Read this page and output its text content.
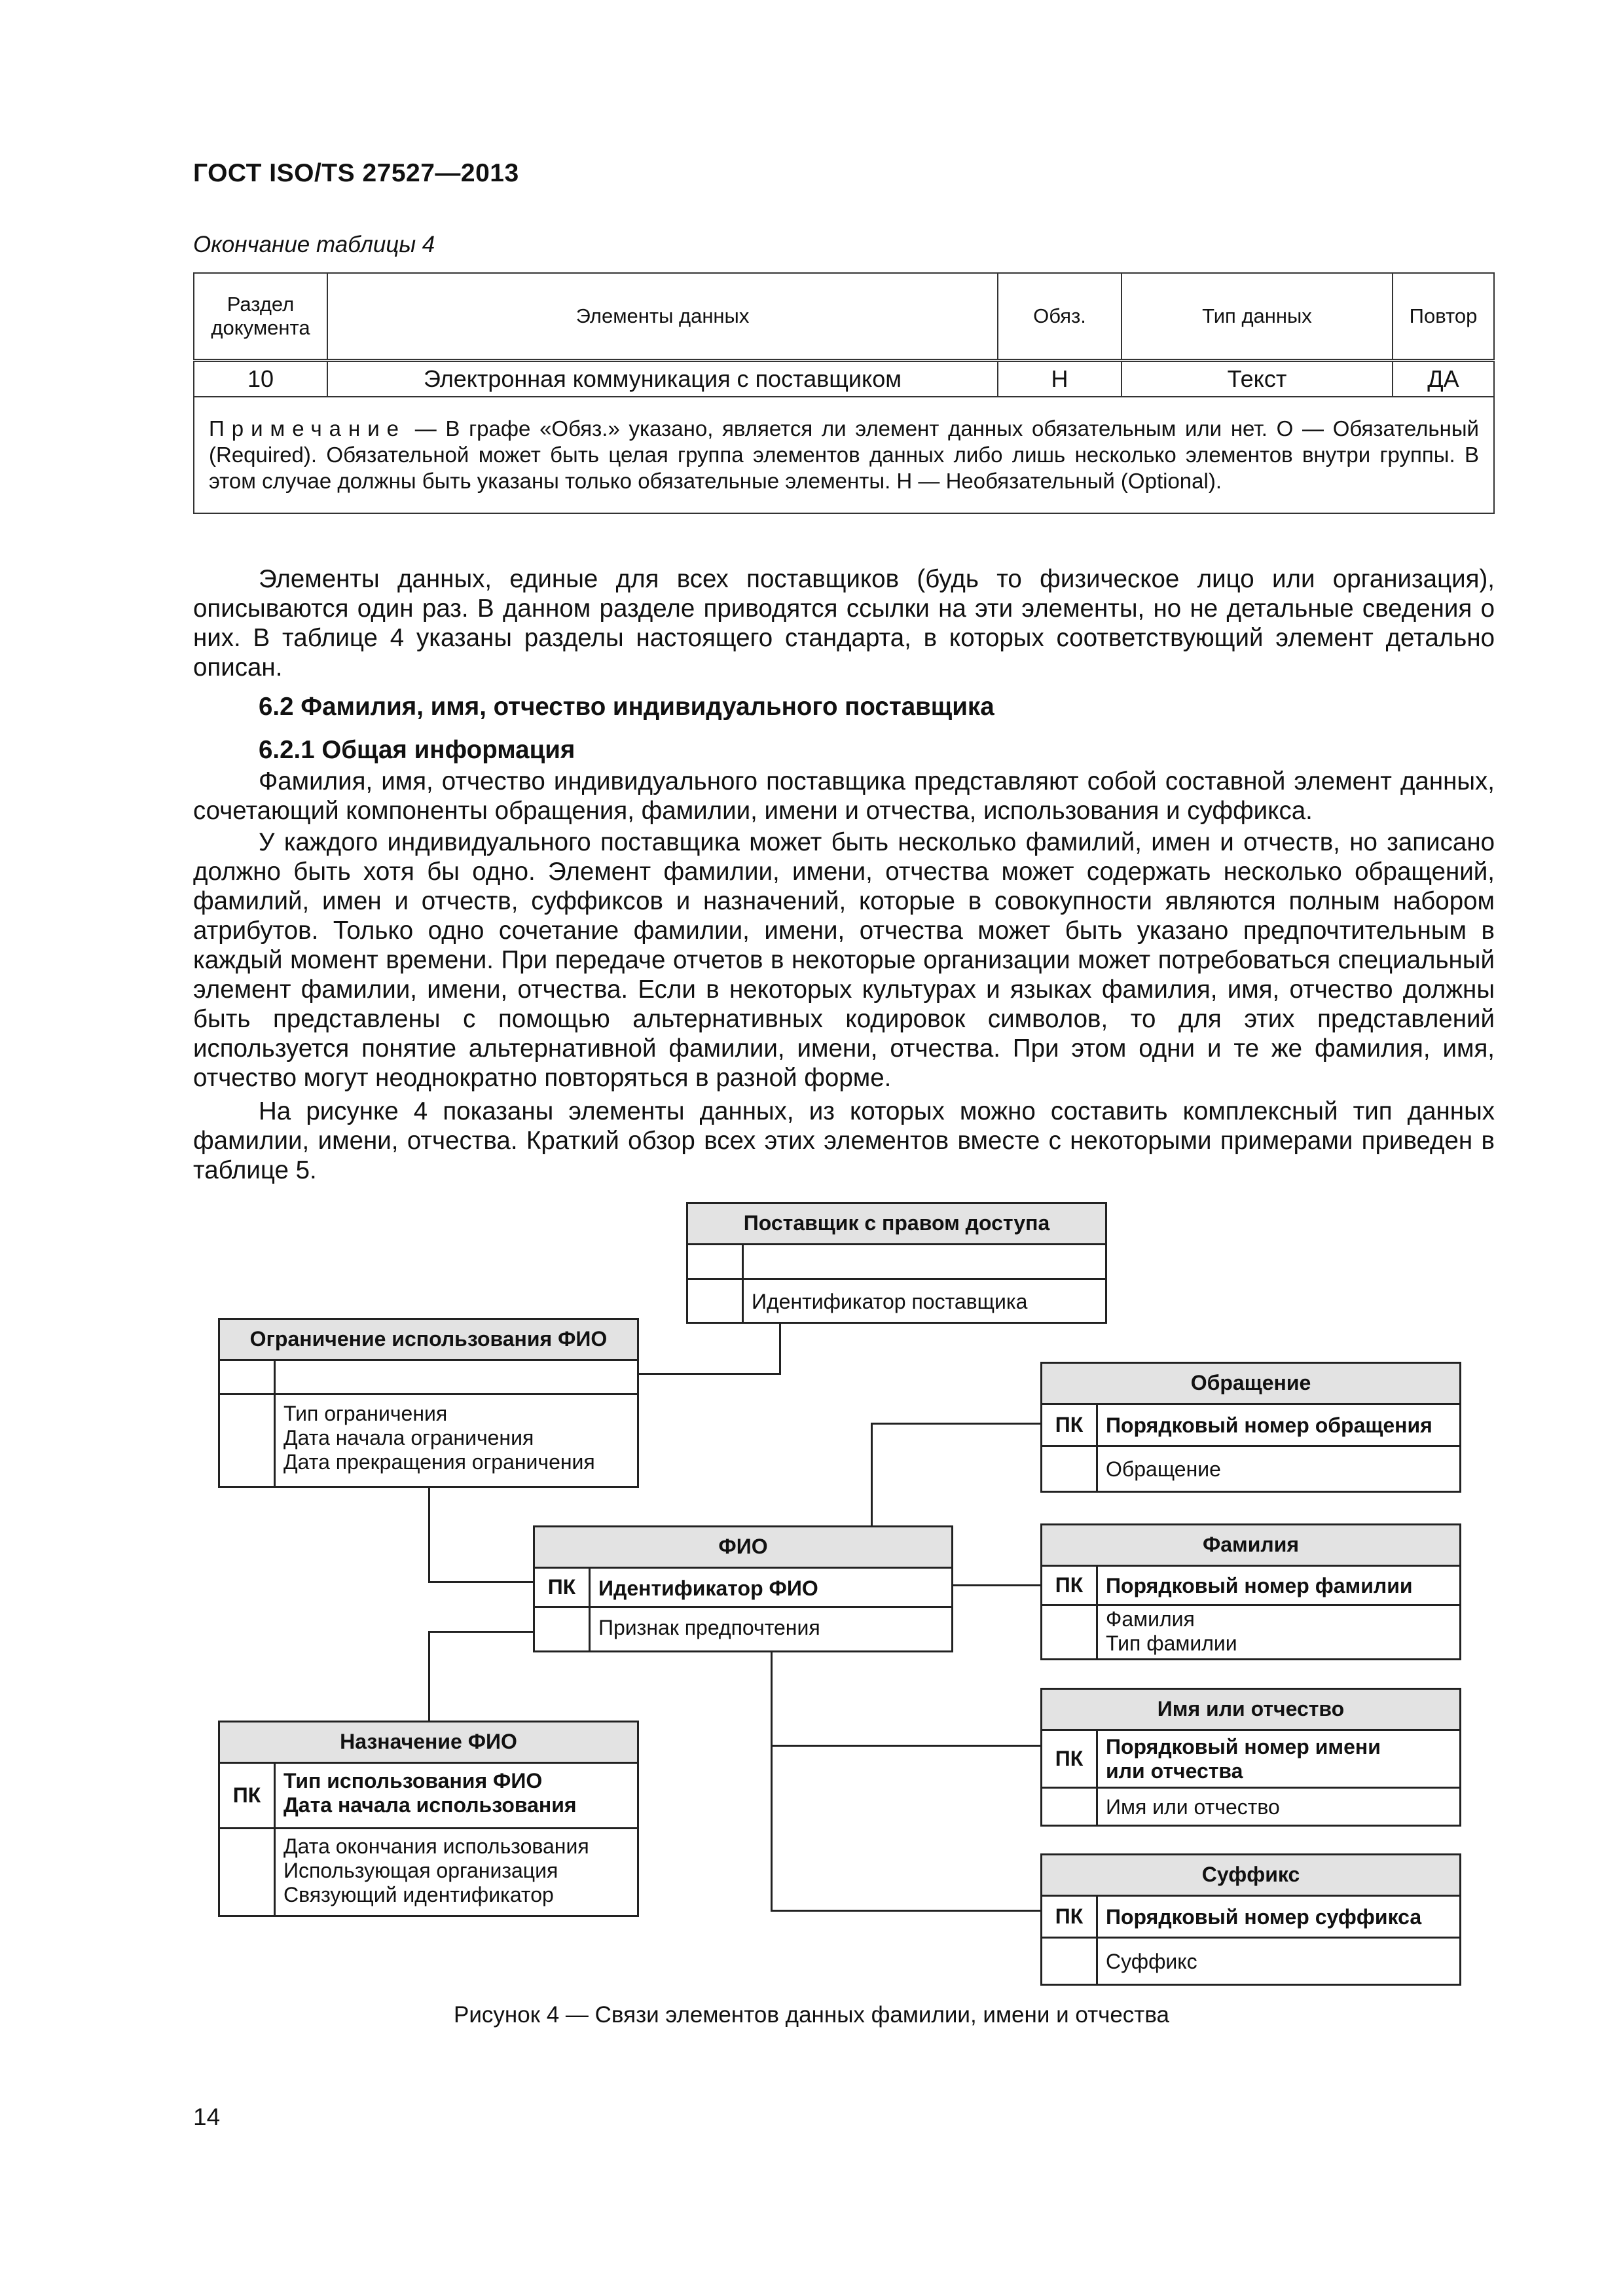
ГОСТ ISO/TS 27527—2013
Окончание таблицы 4
Раздел документа	Элементы данных	Обяз.	Тип данных	Повтор
10	Электронная коммуникация с поставщиком	Н	Текст	ДА
Примечание — В графе «Обяз.» указано, является ли элемент данных обязательным или нет. О — Обязательный (Required). Обязательной может быть целая группа элементов данных либо лишь несколько элементов внутри группы. В этом случае должны быть указаны только обязательные элементы. Н — Необязательный (Optional).				

Элементы данных, единые для всех поставщиков (будь то физическое лицо или организация), описываются один раз. В данном разделе приводятся ссылки на эти элементы, но не детальные сведения о них. В таблице 4 указаны разделы настоящего стандарта, в которых соответствующий элемент детально описан.

6.2 Фамилия, имя, отчество индивидуального поставщика
6.2.1 Общая информация

Фамилия, имя, отчество индивидуального поставщика представляют собой составной элемент данных, сочетающий компоненты обращения, фамилии, имени и отчества, использования и суффикса.

У каждого индивидуального поставщика может быть несколько фамилий, имен и отчеств, но записано должно быть хотя бы одно. Элемент фамилии, имени, отчества может содержать несколько обращений, фамилий, имен и отчеств, суффиксов и назначений, которые в совокупности являются полным набором атрибутов. Только одно сочетание фамилии, имени, отчества может быть указано предпочтительным в каждый момент времени. При передаче отчетов в некоторые организации может потребоваться специальный элемент фамилии, имени, отчества. Если в некоторых культурах и языках фамилия, имя, отчество должны быть представлены с помощью альтернативных кодировок символов, то для этих представлений используется понятие альтернативной фамилии, имени, отчества. При этом одни и те же фамилия, имя, отчество могут неоднократно повторяться в разной форме.

На рисунке 4 показаны элементы данных, из которых можно составить комплексный тип данных фамилии, имени, отчества. Краткий обзор всех этих элементов вместе с некоторыми примерами приведен в таблице 5.

Поставщик с правом доступа
Идентификатор поставщика
Ограничение использования ФИО
Тип ограничения
Дата начала ограничения
Дата прекращения ограничения
ФИО
ПК	Идентификатор ФИО
Признак предпочтения
Обращение
ПК	Порядковый номер обращения
Обращение
Фамилия
ПК	Порядковый номер фамилии
Фамилия
Тип фамилии
Имя или отчество
ПК	Порядковый номер имени
или отчества
Имя или отчество
Назначение ФИО
ПК
Тип использования ФИО
Дата начала использования
Дата окончания использования
Использующая организация
Связующий идентификатор
Суффикс
ПК	Порядковый номер суффикса
Суффикс
Рисунок 4 — Связи элементов данных фамилии, имени и отчества
14
